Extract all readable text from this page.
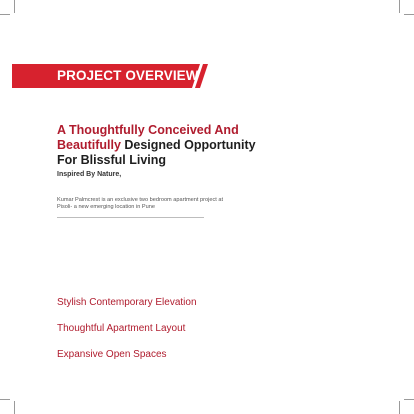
PROJECT OVERVIEW
A Thoughtfully Conceived And
Beautifully Designed Opportunity
For Blissful Living
Inspired By Nature,
Kumar Palmcrest is an exclusive two bedroom apartment project at Pisoli- a new emerging location in Pune
Stylish Contemporary Elevation
Thoughtful Apartment Layout
Expansive Open Spaces
